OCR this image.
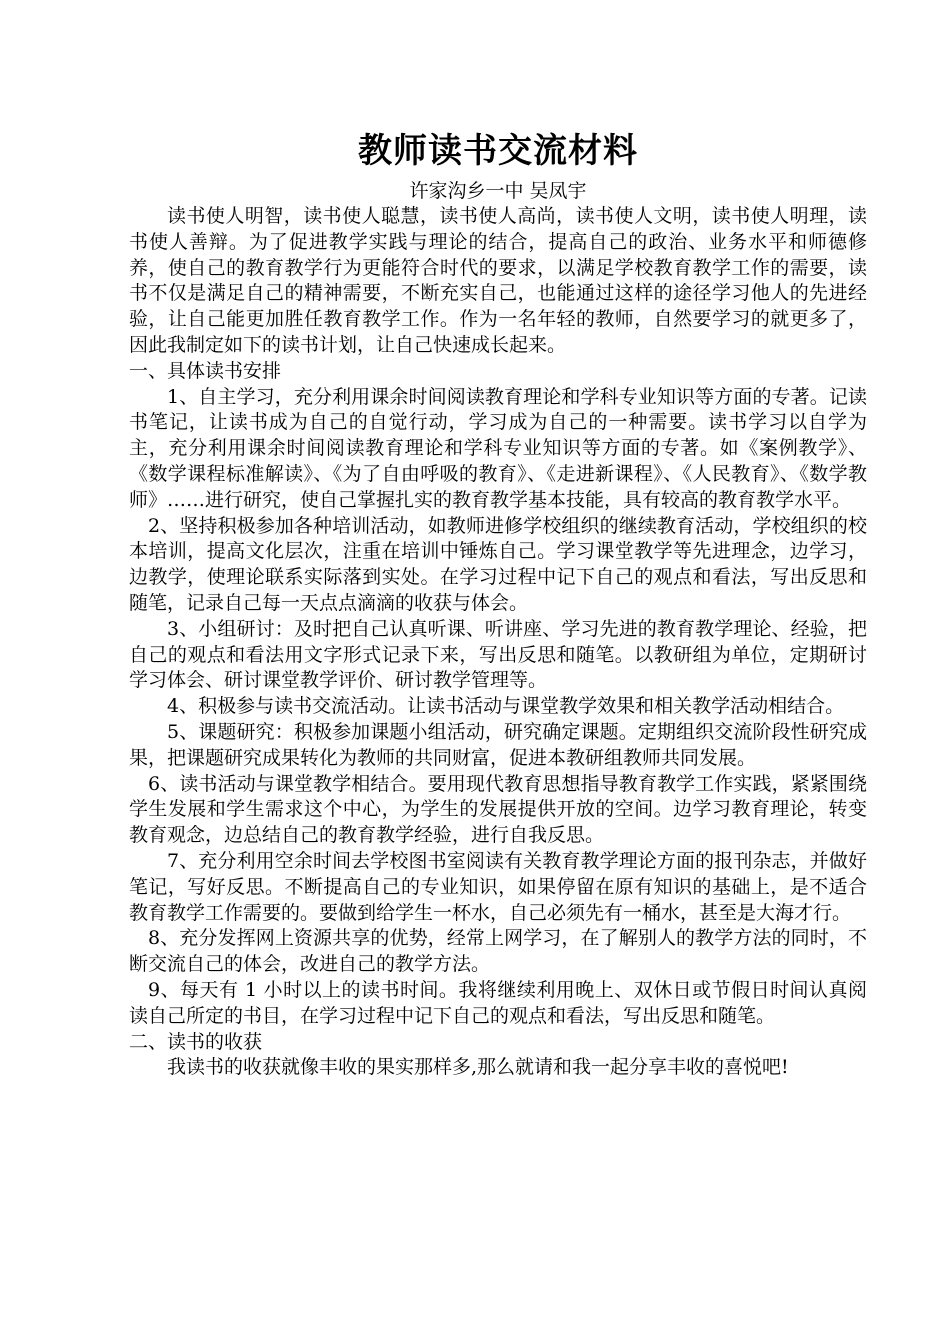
教师读书交流材料

许家沟乡一中 吴凤宇

读书使人明智，读书使人聪慧，读书使人高尚，读书使人文明，读书使人明理，读书使人善辩。为了促进教学实践与理论的结合，提高自己的政治、业务水平和师德修养，使自己的教育教学行为更能符合时代的要求，以满足学校教育教学工作的需要，读书不仅是满足自己的精神需要，不断充实自己，也能通过这样的途径学习他人的先进经验，让自己能更加胜任教育教学工作。作为一名年轻的教师，自然要学习的就更多了，因此我制定如下的读书计划，让自己快速成长起来。

一、具体读书安排

1、自主学习，充分利用课余时间阅读教育理论和学科专业知识等方面的专著。记读书笔记，让读书成为自己的自觉行动，学习成为自己的一种需要。读书学习以自学为主，充分利用课余时间阅读教育理论和学科专业知识等方面的专著。如《案例教学》、《数学课程标准解读》、《为了自由呼吸的教育》、《走进新课程》、《人民教育》、《数学教师》……进行研究，使自己掌握扎实的教育教学基本技能，具有较高的教育教学水平。

2、坚持积极参加各种培训活动，如教师进修学校组织的继续教育活动，学校组织的校本培训，提高文化层次，注重在培训中锤炼自己。学习课堂教学等先进理念，边学习，边教学，使理论联系实际落到实处。在学习过程中记下自己的观点和看法，写出反思和随笔，记录自己每一天点点滴滴的收获与体会。

3、小组研讨：及时把自己认真听课、听讲座、学习先进的教育教学理论、经验，把自己的观点和看法用文字形式记录下来，写出反思和随笔。以教研组为单位，定期研讨学习体会、研讨课堂教学评价、研讨教学管理等。

4、积极参与读书交流活动。让读书活动与课堂教学效果和相关教学活动相结合。

5、课题研究：积极参加课题小组活动，研究确定课题。定期组织交流阶段性研究成果，把课题研究成果转化为教师的共同财富，促进本教研组教师共同发展。

6、读书活动与课堂教学相结合。要用现代教育思想指导教育教学工作实践，紧紧围绕学生发展和学生需求这个中心，为学生的发展提供开放的空间。边学习教育理论，转变教育观念，边总结自己的教育教学经验，进行自我反思。

7、充分利用空余时间去学校图书室阅读有关教育教学理论方面的报刊杂志，并做好笔记，写好反思。不断提高自己的专业知识，如果停留在原有知识的基础上，是不适合教育教学工作需要的。要做到给学生一杯水，自己必须先有一桶水，甚至是大海才行。

8、充分发挥网上资源共享的优势，经常上网学习，在了解别人的教学方法的同时，不断交流自己的体会，改进自己的教学方法。

9、每天有 1 小时以上的读书时间。我将继续利用晚上、双休日或节假日时间认真阅读自己所定的书目，在学习过程中记下自己的观点和看法，写出反思和随笔。

二、读书的收获

我读书的收获就像丰收的果实那样多,那么就请和我一起分享丰收的喜悦吧!
